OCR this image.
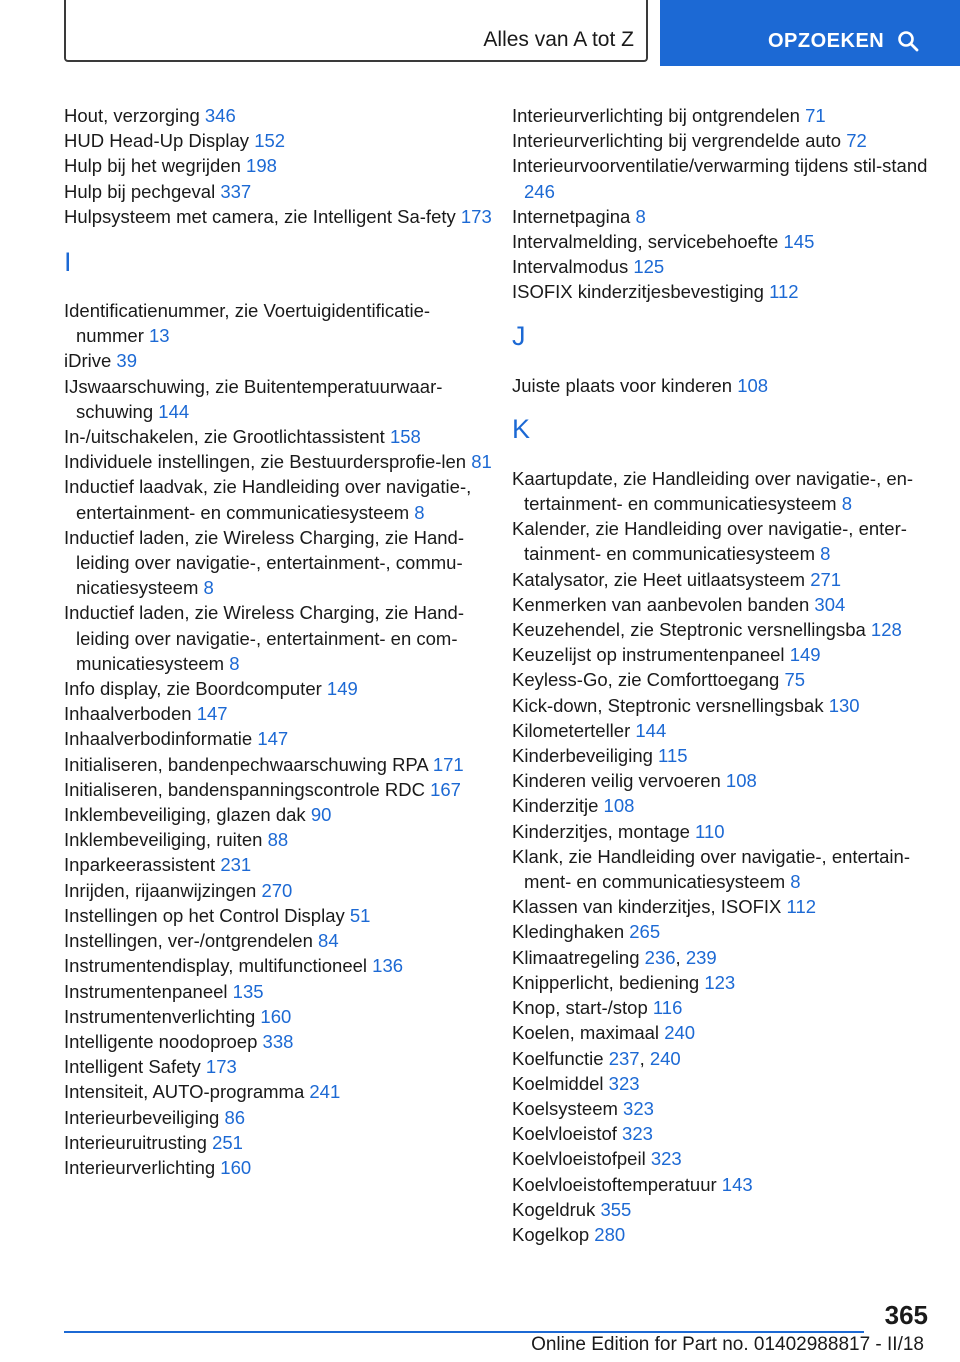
Alles van A tot Z	OPZOEKEN
Hout, verzorging 346
HUD Head-Up Display 152
Hulp bij het wegrijden 198
Hulp bij pechgeval 337
Hulpsysteem met camera, zie Intelligent Sa-fety 173
I
Identificatienummer, zie Voertuigidentificatie-nummer 13
iDrive 39
IJswaarschuwing, zie Buitentemperatuurwaar-schuwing 144
In-/uitschakelen, zie Grootlichtassistent 158
Individuele instellingen, zie Bestuurdersprofie-len 81
Inductief laadvak, zie Handleiding over navigatie-, entertainment- en communicatiesysteem 8
Inductief laden, zie Wireless Charging, zie Hand-leiding over navigatie-, entertainment-, commu-nicatiesysteem 8
Inductief laden, zie Wireless Charging, zie Hand-leiding over navigatie-, entertainment- en com-municatiesysteem 8
Info display, zie Boordcomputer 149
Inhaalverboden 147
Inhaalverbodinformatie 147
Initialiseren, bandenpechwaarschuwing RPA 171
Initialiseren, bandenspanningscontrole RDC 167
Inklembeveiliging, glazen dak 90
Inklembeveiliging, ruiten 88
Inparkeerassistent 231
Inrijden, rijaanwijzingen 270
Instellingen op het Control Display 51
Instellingen, ver-/ontgrendelen 84
Instrumentendisplay, multifunctioneel 136
Instrumentenpaneel 135
Instrumentenverlichting 160
Intelligente noodoproep 338
Intelligent Safety 173
Intensiteit, AUTO-programma 241
Interieurbeveiliging 86
Interieuruitrusting 251
Interieurverlichting 160
Interieurverlichting bij ontgrendelen 71
Interieurverlichting bij vergrendelde auto 72
Interieurvoorventilatie/verwarming tijdens stil-stand 246
Internetpagina 8
Intervalmelding, servicebehoefte 145
Intervalmodus 125
ISOFIX kinderzitjesbevestiging 112
J
Juiste plaats voor kinderen 108
K
Kaartupdate, zie Handleiding over navigatie-, en-tertainment- en communicatiesysteem 8
Kalender, zie Handleiding over navigatie-, enter-tainment- en communicatiesysteem 8
Katalysator, zie Heet uitlaatsysteem 271
Kenmerken van aanbevolen banden 304
Keuzehendel, zie Steptronic versnellingsba 128
Keuzelijst op instrumentenpaneel 149
Keyless-Go, zie Comforttoegang 75
Kick-down, Steptronic versnellingsbak 130
Kilometerteller 144
Kinderbeveiliging 115
Kinderen veilig vervoeren 108
Kinderzitje 108
Kinderzitjes, montage 110
Klank, zie Handleiding over navigatie-, entertain-ment- en communicatiesysteem 8
Klassen van kinderzitjes, ISOFIX 112
Kledinghaken 265
Klimaatregeling 236, 239
Knipperlicht, bediening 123
Knop, start-/stop 116
Koelen, maximaal 240
Koelfunctie 237, 240
Koelmiddel 323
Koelsysteem 323
Koelvloeistof 323
Koelvloeistofpeil 323
Koelvloeistoftemperatuur 143
Kogeldruk 355
Kogelkop 280
365
Online Edition for Part no. 01402988817 - II/18
